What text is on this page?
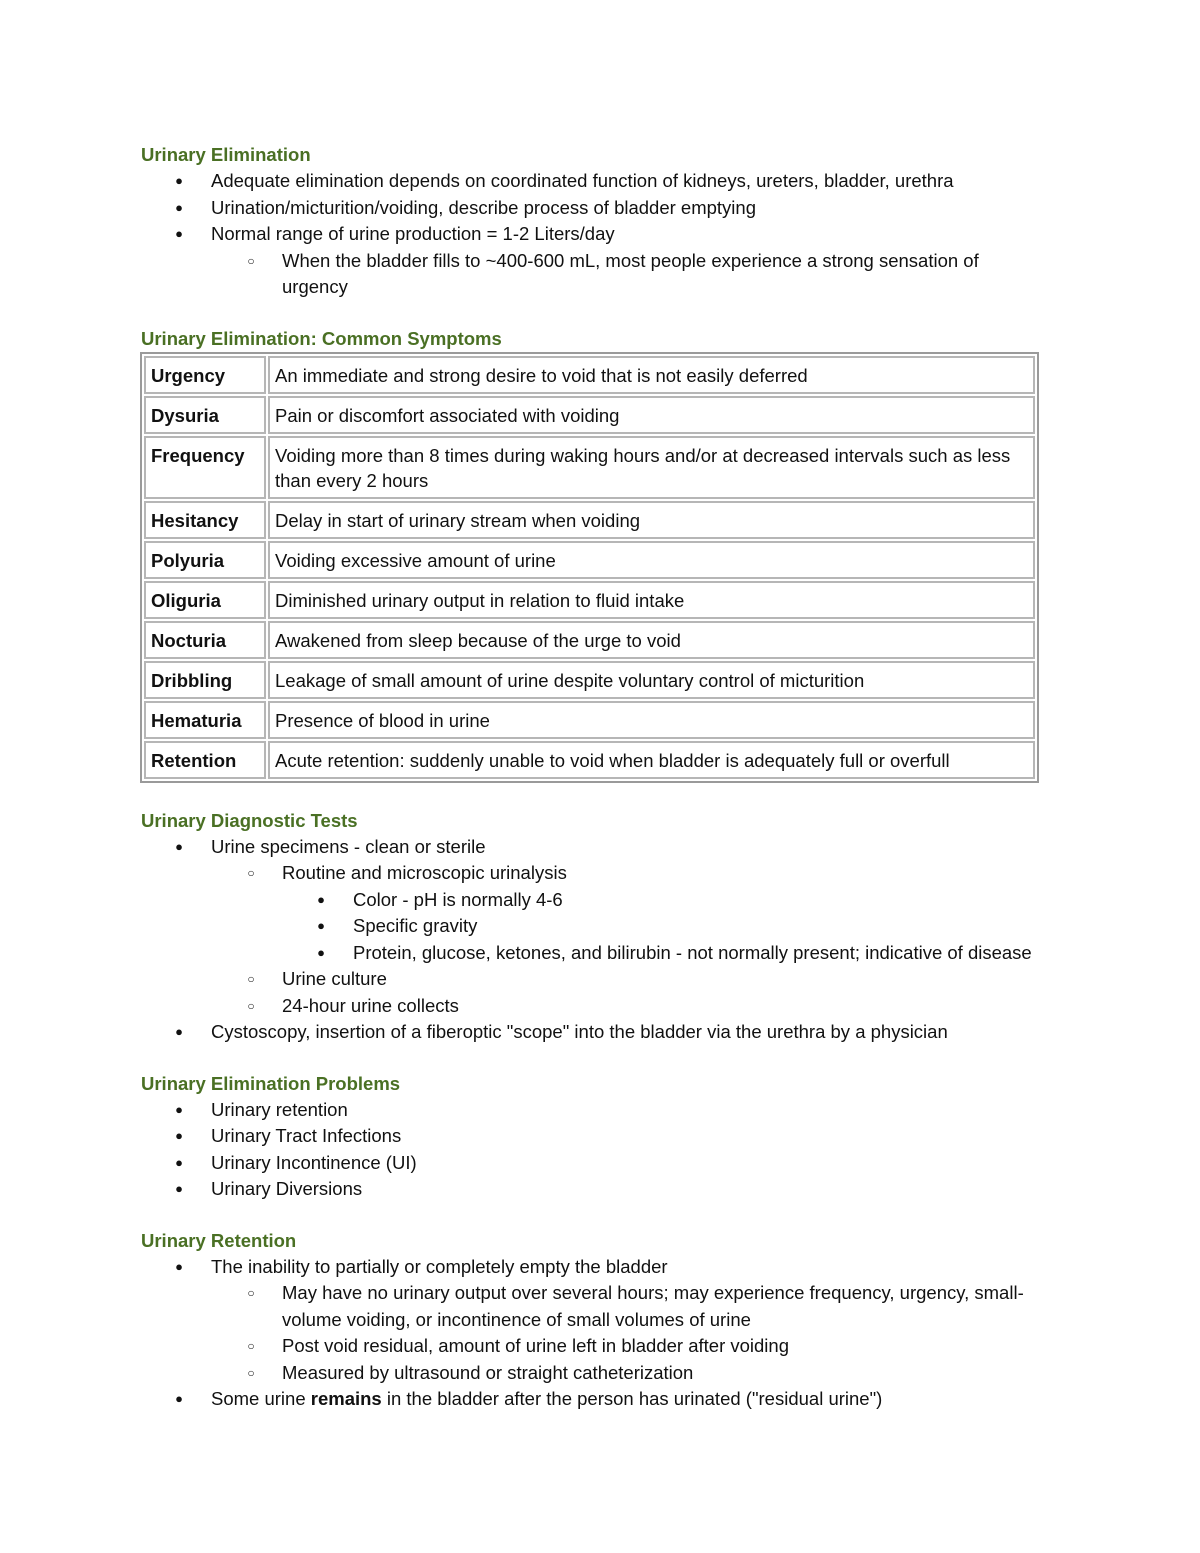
Urinary Elimination
●	Adequate elimination depends on coordinated function of kidneys, ureters, bladder, urethra
●	Urination/micturition/voiding, describe process of bladder emptying
●	Normal range of urine production = 1-2 Liters/day
○	When the bladder fills to ~400-600 mL, most people experience a strong sensation of urgency
Urinary Elimination: Common Symptoms
Urgency	An immediate and strong desire to void that is not easily deferred
Dysuria	Pain or discomfort associated with voiding
Frequency	Voiding more than 8 times during waking hours and/or at decreased intervals such as less than every 2 hours
Hesitancy	Delay in start of urinary stream when voiding
Polyuria	Voiding excessive amount of urine
Oliguria	Diminished urinary output in relation to fluid intake
Nocturia	Awakened from sleep because of the urge to void
Dribbling	Leakage of small amount of urine despite voluntary control of micturition
Hematuria	Presence of blood in urine
Retention	Acute retention: suddenly unable to void when bladder is adequately full or overfull
Urinary Diagnostic Tests
●	Urine specimens - clean or sterile
○	Routine and microscopic urinalysis
●	Color - pH is normally 4-6
●	Specific gravity
●	Protein, glucose, ketones, and bilirubin - not normally present; indicative of disease
○	Urine culture
○	24-hour urine collects
●	Cystoscopy, insertion of a fiberoptic "scope" into the bladder via the urethra by a physician
Urinary Elimination Problems
●	Urinary retention
●	Urinary Tract Infections
●	Urinary Incontinence (UI)
●	Urinary Diversions
Urinary Retention
●	The inability to partially or completely empty the bladder
○	May have no urinary output over several hours; may experience frequency, urgency, small-volume voiding, or incontinence of small volumes of urine
○	Post void residual, amount of urine left in bladder after voiding
○	Measured by ultrasound or straight catheterization
●	Some urine remains in the bladder after the person has urinated ("residual urine")
